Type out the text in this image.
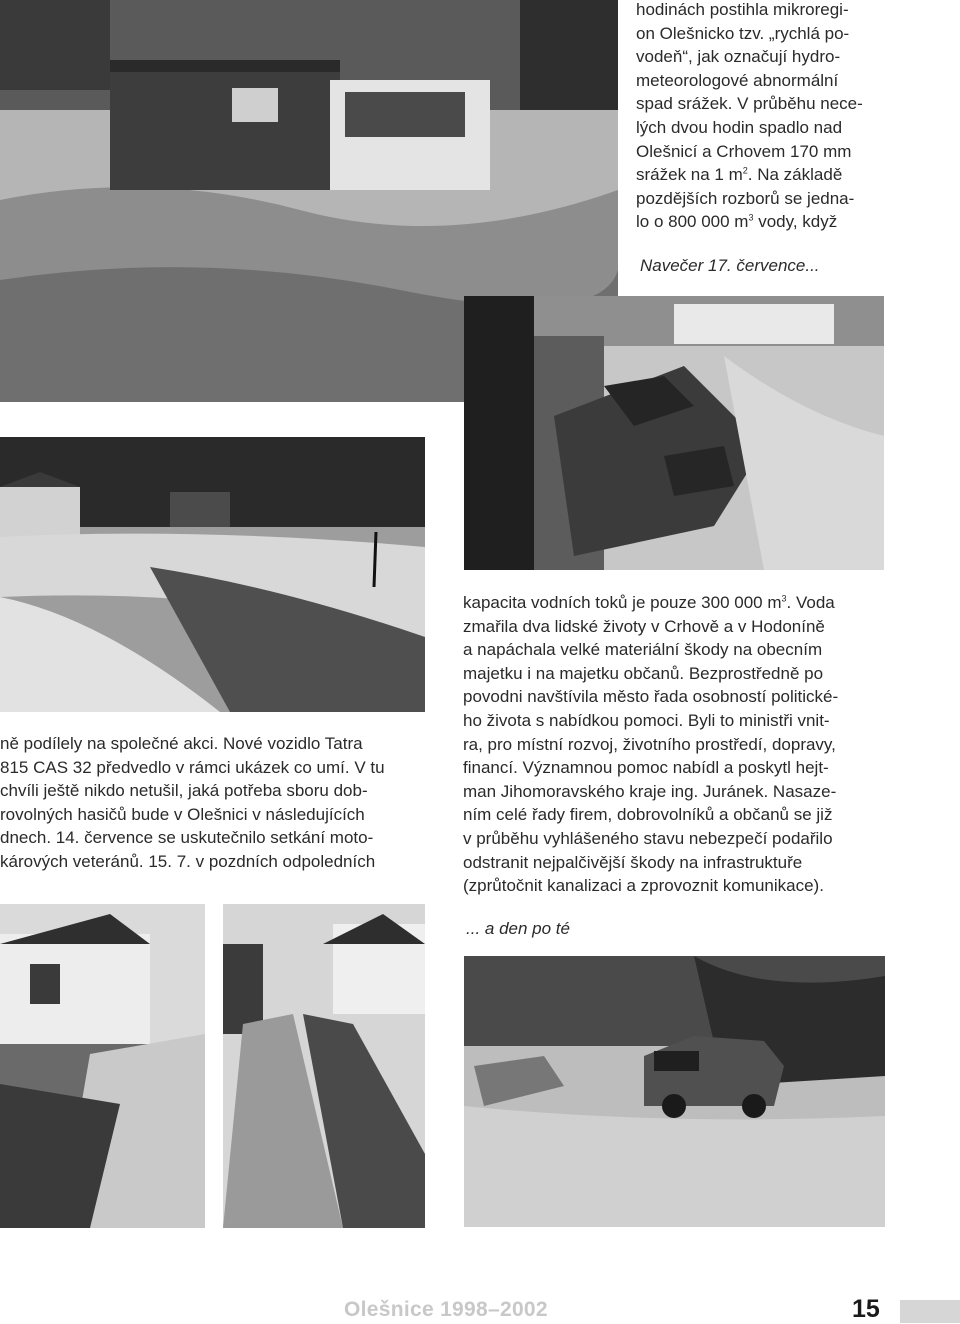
hodinách postihla mikroregi-
on Olešnicko tzv. „rychlá po-
vodeň“, jak označují hydro-
meteorologové abnormální
spad srážek. V průběhu nece-
lých dvou hodin spadlo nad
Olešnicí a Crhovem 170 mm
srážek na 1 $m^2$. Na základě
pozdějších rozborů se jedna-
lo o 800 000 $m^3$ vody, když
Navečer 17. července...
ně podílely na společné akci. Nové vozidlo Tatra
815 CAS 32 předvedlo v rámci ukázek co umí. V tu
chvíli ještě nikdo netušil, jaká potřeba sboru dob-
rovolných hasičů bude v Olešnici v následujících
dnech. 14. července se uskutečnilo setkání moto-
kárových veteránů. 15. 7. v pozdních odpoledních
kapacita vodních toků je pouze 300 000 $m^3$. Voda
zmařila dva lidské životy v Crhově a v Hodoníně
a napáchala velké materiální škody na obecním
majetku i na majetku občanů. Bezprostředně po
povodni navštívila město řada osobností politické-
ho života s nabídkou pomoci. Byli to ministři vnit-
ra, pro místní rozvoj, životního prostředí, dopravy,
financí. Významnou pomoc nabídl a poskytl hejt-
man Jihomoravského kraje ing. Juránek. Nasaze-
ním celé řady firem, dobrovolníků a občanů se již
v průběhu vyhlášeného stavu nebezpečí podařilo
odstranit nejpalčivější škody na infrastruktuře
(zprůtočnit kanalizaci a zprovoznit komunikace).
... a den po té
Olešnice 1998–2002	15
